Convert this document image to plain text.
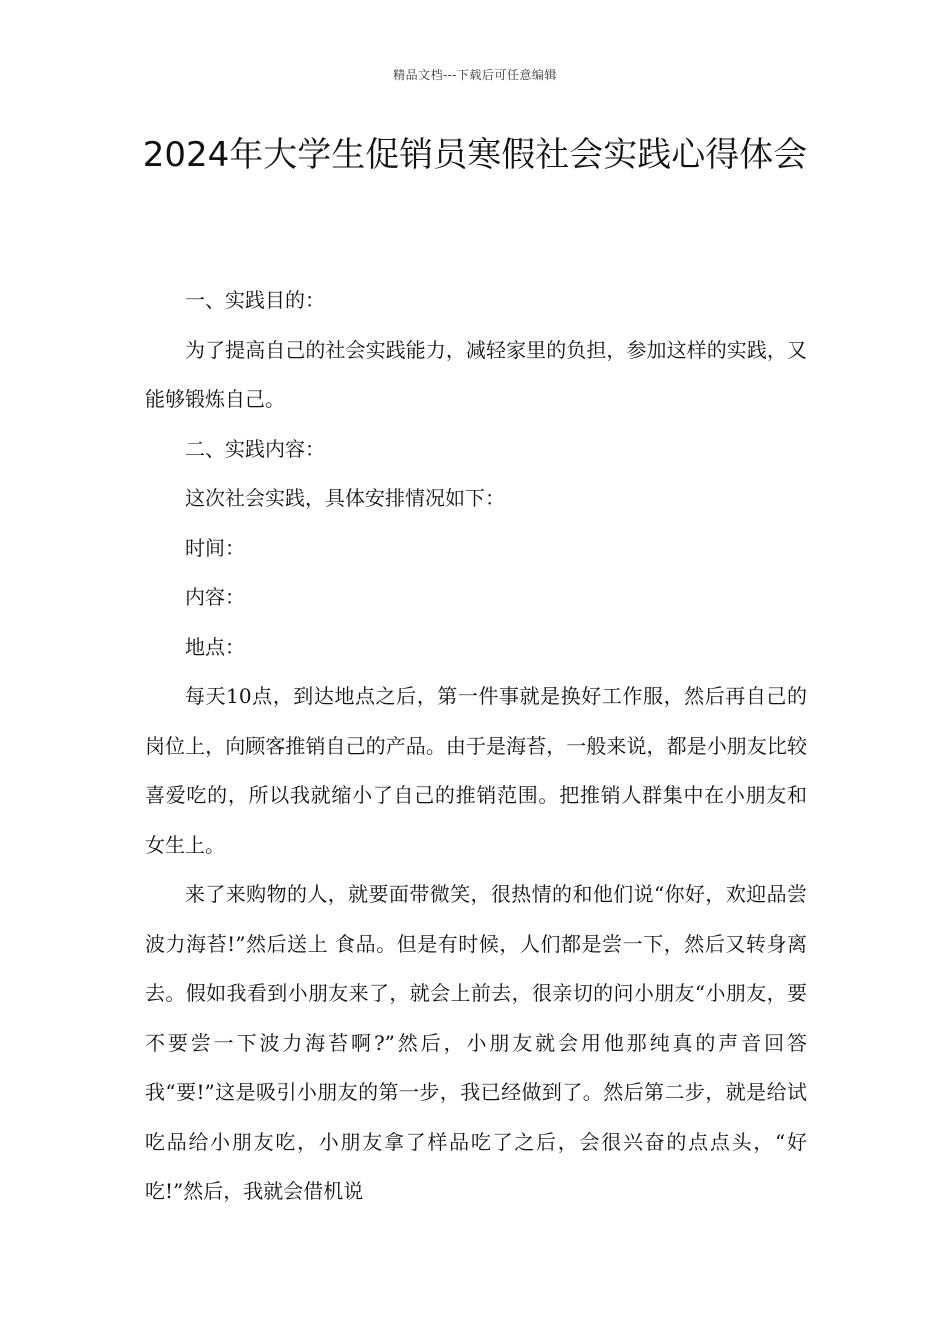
精品文档---下载后可任意编辑
2024年大学生促销员寒假社会实践心得体会

一、实践目的：

为了提高自己的社会实践能力，减轻家里的负担，参加这样的实践，又能够锻炼自己。

二、实践内容：

这次社会实践，具体安排情况如下：

时间：

内容：

地点：

每天10点，到达地点之后，第一件事就是换好工作服，然后再自己的岗位上，向顾客推销自己的产品。由于是海苔，一般来说，都是小朋友比较喜爱吃的，所以我就缩小了自己的推销范围。把推销人群集中在小朋友和 女生上。

来了来购物的人，就要面带微笑，很热情的和他们说“你好，欢迎品尝波力海苔!”然后送上 食品。但是有时候，人们都是尝一下，然后又转身离去。假如我看到小朋友来了，就会上前去，很亲切的问小朋友“小朋友，要不要尝一下波力海苔啊?”然后，小朋友就会用他那纯真的声音回答我“要!”这是吸引小朋友的第一步，我已经做到了。然后第二步，就是给试吃品给小朋友吃，小朋友拿了样品吃了之后，会很兴奋的点点头，“好吃!”然后，我就会借机说
